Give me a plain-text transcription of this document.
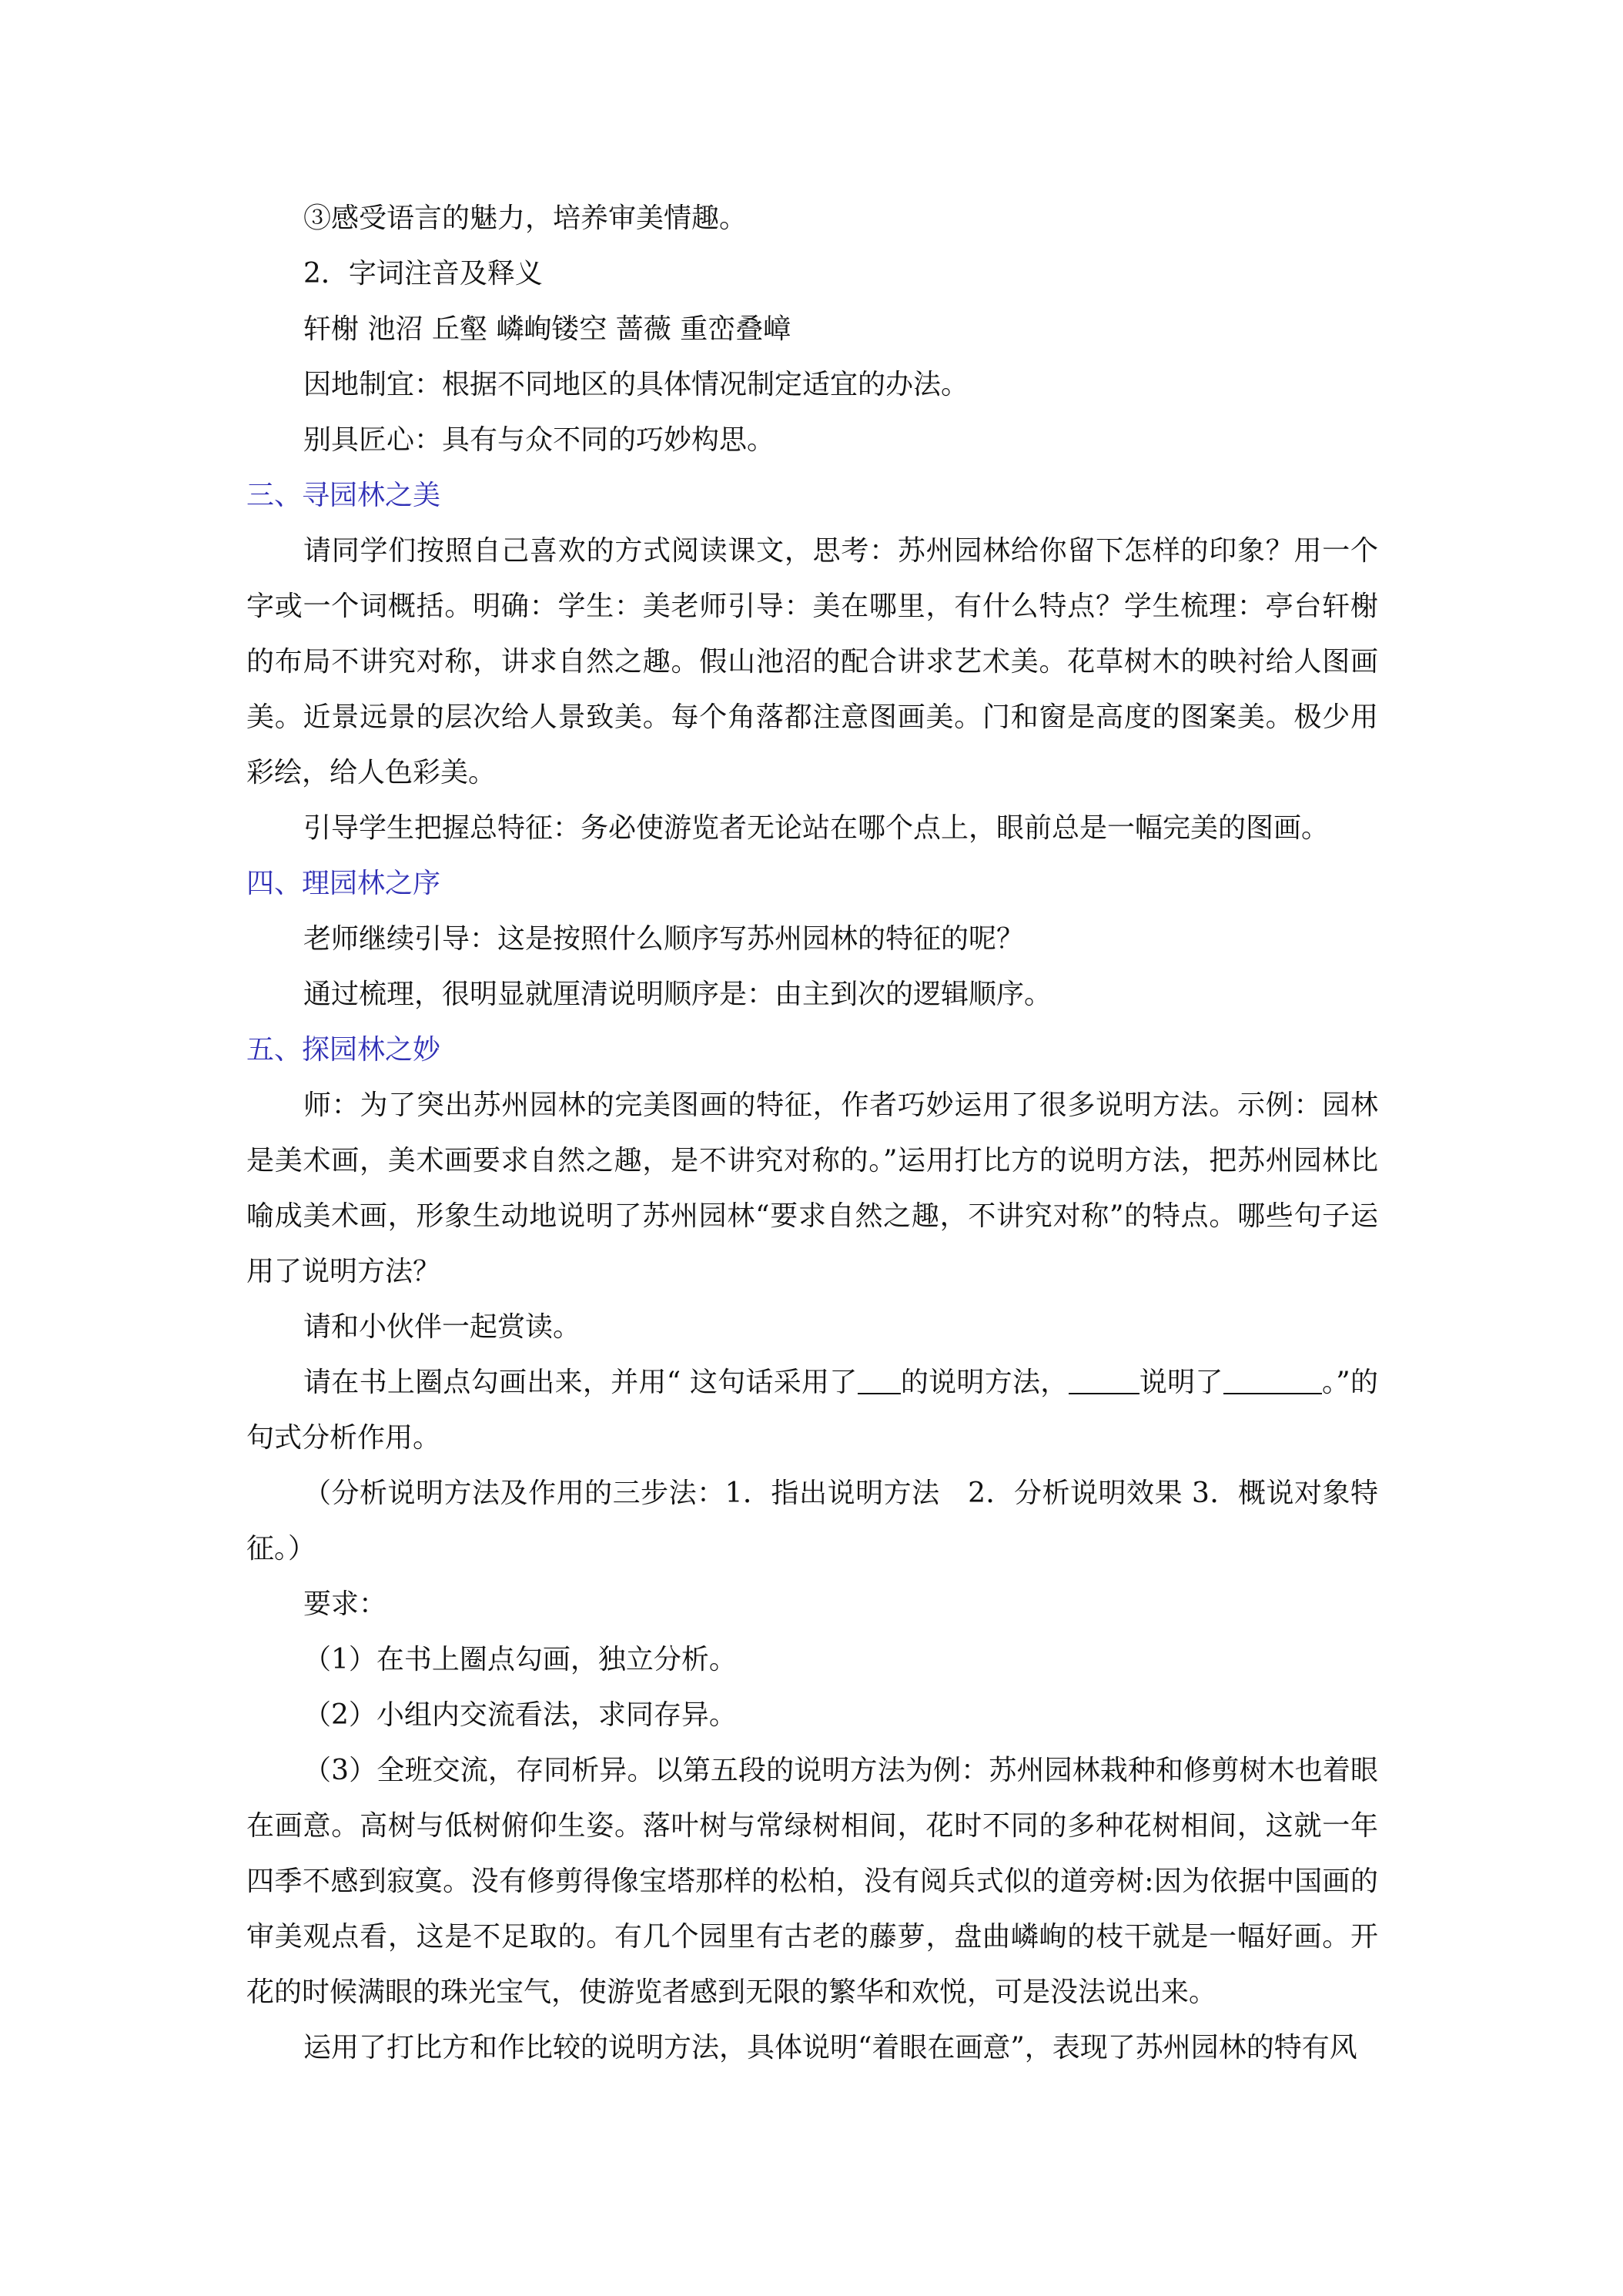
③感受语言的魅力，培养审美情趣。

2．字词注音及释义

轩榭 池沼 丘壑 嶙峋镂空 蔷薇 重峦叠嶂

因地制宜：根据不同地区的具体情况制定适宜的办法。

别具匠心：具有与众不同的巧妙构思。

三、寻园林之美

请同学们按照自己喜欢的方式阅读课文，思考：苏州园林给你留下怎样的印象？用一个字或一个词概括。明确：学生：美老师引导：美在哪里，有什么特点？学生梳理：亭台轩榭的布局不讲究对称，讲求自然之趣。假山池沼的配合讲求艺术美。花草树木的映衬给人图画美。近景远景的层次给人景致美。每个角落都注意图画美。门和窗是高度的图案美。极少用彩绘，给人色彩美。

引导学生把握总特征：务必使游览者无论站在哪个点上，眼前总是一幅完美的图画。

四、理园林之序

老师继续引导：这是按照什么顺序写苏州园林的特征的呢？

通过梳理，很明显就厘清说明顺序是：由主到次的逻辑顺序。

五、探园林之妙

师：为了突出苏州园林的完美图画的特征，作者巧妙运用了很多说明方法。示例：园林是美术画，美术画要求自然之趣，是不讲究对称的。”运用打比方的说明方法，把苏州园林比喻成美术画，形象生动地说明了苏州园林“要求自然之趣，不讲究对称”的特点。哪些句子运用了说明方法？

请和小伙伴一起赏读。

请在书上圈点勾画出来，并用“ 这句话采用了 的说明方法，	说明了	。”的句式分析作用。

（分析说明方法及作用的三步法：1．指出说明方法　2．分析说明效果 3．概说对象特征。）

要求：

（1）在书上圈点勾画，独立分析。

（2）小组内交流看法，求同存异。

（3）全班交流，存同析异。以第五段的说明方法为例：苏州园林栽种和修剪树木也着眼在画意。高树与低树俯仰生姿。落叶树与常绿树相间，花时不同的多种花树相间，这就一年四季不感到寂寞。没有修剪得像宝塔那样的松柏，没有阅兵式似的道旁树:因为依据中国画的审美观点看，这是不足取的。有几个园里有古老的藤萝，盘曲嶙峋的枝干就是一幅好画。开花的时候满眼的珠光宝气，使游览者感到无限的繁华和欢悦，可是没法说出来。

运用了打比方和作比较的说明方法，具体说明“着眼在画意”，表现了苏州园林的特有风
